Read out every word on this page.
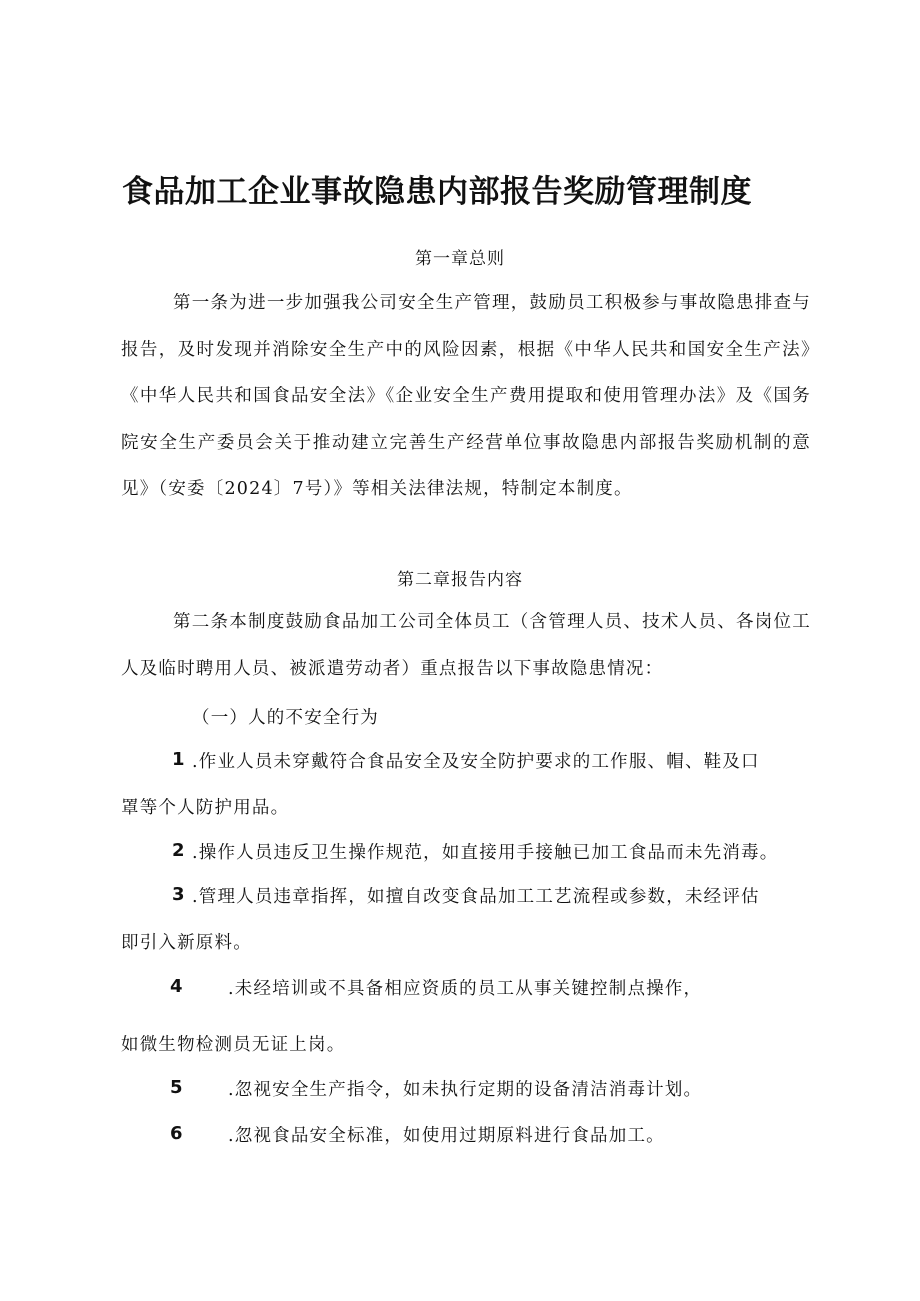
食品加工企业事故隐患内部报告奖励管理制度
第一章总则

第一条为进一步加强我公司安全生产管理，鼓励员工积极参与事故隐患排查与报告，及时发现并消除安全生产中的风险因素，根据《中华人民共和国安全生产法》《中华人民共和国食品安全法》《企业安全生产费用提取和使用管理办法》及《国务院安全生产委员会关于推动建立完善生产经营单位事故隐患内部报告奖励机制的意见》（安委〔2024〕7号）》等相关法律法规，特制定本制度。

第二章报告内容

第二条本制度鼓励食品加工公司全体员工（含管理人员、技术人员、各岗位工人及临时聘用人员、被派遣劳动者）重点报告以下事故隐患情况：

（一）人的不安全行为
1 .作业人员未穿戴符合食品安全及安全防护要求的工作服、帽、鞋及口
罩等个人防护用品。
2 .操作人员违反卫生操作规范，如直接用手接触已加工食品而未先消毒。
3 .管理人员违章指挥，如擅自改变食品加工工艺流程或参数，未经评估
即引入新原料。
4	.未经培训或不具备相应资质的员工从事关键控制点操作，
如微生物检测员无证上岗。
5	.忽视安全生产指令，如未执行定期的设备清洁消毒计划。
6	.忽视食品安全标准，如使用过期原料进行食品加工。
